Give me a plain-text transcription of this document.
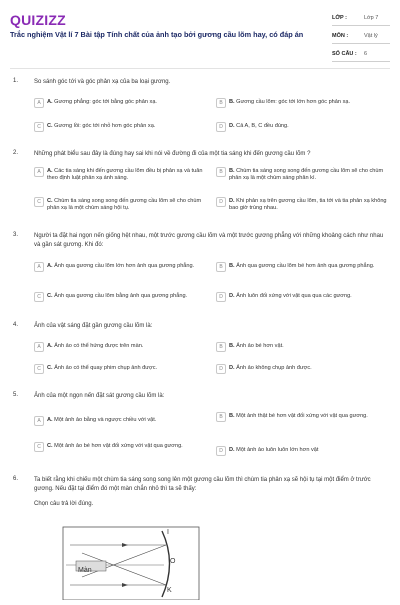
QUIZIZZ
Trắc nghiệm Vật lí 7 Bài tập Tính chất của ảnh tạo bởi gương cầu lõm hay, có đáp án
LỚP :	Lớp 7
MÔN :	Vật lý
SỐ CÂU : 6
1.	So sánh góc tới và góc phản xạ của ba loại gương.
A	A. Gương phẳng: góc tới bằng góc phản xạ.	B	B. Gương cầu lõm: góc tới lớn hơn góc phản xạ.
C	C. Gương lồi: góc tới nhỏ hơn góc phản xạ.	D	D. Cả A, B, C đều đúng.
2.	Những phát biểu sau đây là đúng hay sai khi nói về đường đi của một tia sáng khi đến gương cầu lõm ?
A	A. Các tia sáng khi đến gương cầu lõm đều bị phản xạ và tuân theo định luật phản xạ ánh sáng.
B	B. Chùm tia sáng song song đến gương cầu lõm sẽ cho chùm phản xạ là một chùm sáng phân kì.
C	C. Chùm tia sáng song song đến gương cầu lõm sẽ cho chùm phản xạ là một chùm sáng hội tụ.
D	D. Khi phản xạ trên gương cầu lõm, tia tới và tia phản xạ không bao giờ trùng nhau.
3.	Người ta đặt hai ngọn nến giống hệt nhau, một trước gương cầu lõm và một trước gương phẳng với những khoảng cách như nhau và gần sát gương. Khi đó:
A	A. Ảnh qua gương cầu lõm lớn hơn ảnh qua gương phẳng.	B	B. Ảnh qua gương cầu lõm bé hơn ảnh qua gương phẳng.
C	C. Ảnh qua gương cầu lõm bằng ảnh qua gương phẳng.	D	D. Ảnh luôn đối xứng với vật qua qua các gương.
4.	Ảnh của vật sáng đặt gần gương cầu lõm là:
A	A. Ảnh ảo có thể hứng được trên màn.	B	B. Ảnh ảo bé hơn vật.
C	C. Ảnh ảo có thể quay phim chụp ảnh được.	D	D. Ảnh ảo không chụp ảnh được.
5.	Ảnh của một ngọn nến đặt sát gương cầu lõm là:
A	A. Một ảnh ảo bằng và ngược chiều với vật.	B	B. Một ảnh thật bé hơn vật đối xứng với vật qua gương.
C	C. Một ảnh ảo bé hơn vật đối xứng với vật qua gương.
D	D. Một ảnh ảo luôn luôn lớn hơn vật
6.	Ta biết rằng khi chiếu một chùm tia sáng song song lên một gương cầu lõm thì chùm tia phản xạ sẽ hội tụ tại một điểm ở trước gương. Nếu đặt tại điểm đó một màn chắn nhỏ thì ta sẽ thấy:
Chọn câu trả lời đúng.
Màn
I
O
K
